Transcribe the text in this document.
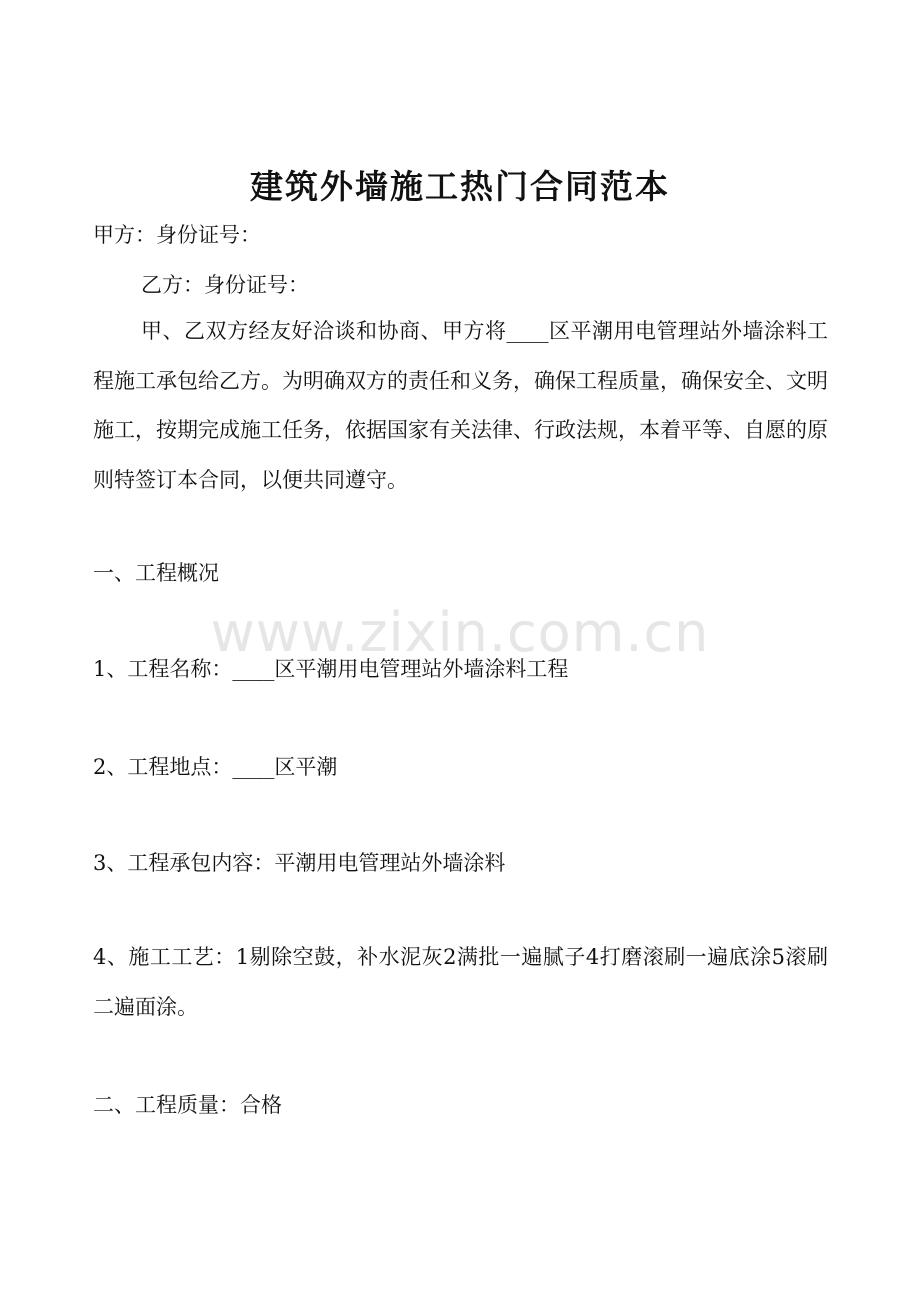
建筑外墙施工热门合同范本
甲方：身份证号：
乙方：身份证号：
甲、乙双方经友好洽谈和协商、甲方将____区平潮用电管理站外墙涂料工程施工承包给乙方。为明确双方的责任和义务，确保工程质量，确保安全、文明施工，按期完成施工任务，依据国家有关法律、行政法规，本着平等、自愿的原则特签订本合同，以便共同遵守。
一、工程概况
www.zixin.com.cn
1、工程名称：____区平潮用电管理站外墙涂料工程
2、工程地点：____区平潮
3、工程承包内容：平潮用电管理站外墙涂料
4、施工工艺：1剔除空鼓，补水泥灰2满批一遍腻子4打磨滚刷一遍底涂5滚刷二遍面涂。
二、工程质量：合格
